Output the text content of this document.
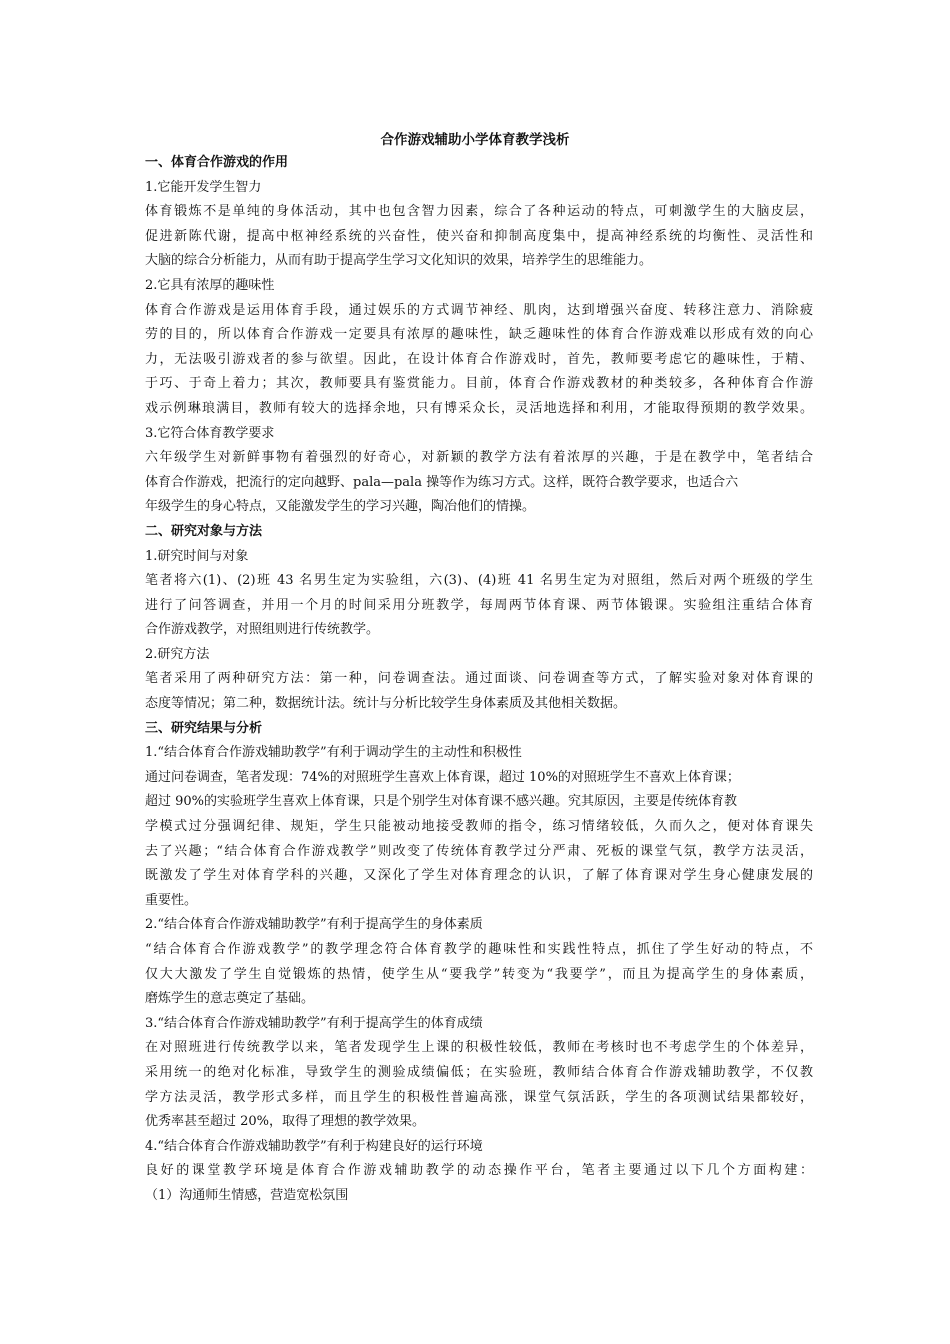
合作游戏辅助小学体育教学浅析
一、体育合作游戏的作用
1.它能开发学生智力
体育锻炼不是单纯的身体活动，其中也包含智力因素，综合了各种运动的特点，可刺激学生的大脑皮层，
促进新陈代谢，提高中枢神经系统的兴奋性，使兴奋和抑制高度集中，提高神经系统的均衡性、灵活性和
大脑的综合分析能力，从而有助于提高学生学习文化知识的效果，培养学生的思维能力。
2.它具有浓厚的趣味性
体育合作游戏是运用体育手段，通过娱乐的方式调节神经、肌肉，达到增强兴奋度、转移注意力、消除疲
劳的目的，所以体育合作游戏一定要具有浓厚的趣味性，缺乏趣味性的体育合作游戏难以形成有效的向心
力，无法吸引游戏者的参与欲望。因此，在设计体育合作游戏时，首先，教师要考虑它的趣味性，于精、
于巧、于奇上着力；其次，教师要具有鉴赏能力。目前，体育合作游戏教材的种类较多，各种体育合作游
戏示例琳琅满目，教师有较大的选择余地，只有博采众长，灵活地选择和利用，才能取得预期的教学效果。
3.它符合体育教学要求
六年级学生对新鲜事物有着强烈的好奇心，对新颖的教学方法有着浓厚的兴趣，于是在教学中，笔者结合
体育合作游戏，把流行的定向越野、pala—pala 操等作为练习方式。这样，既符合教学要求，也适合六
年级学生的身心特点，又能激发学生的学习兴趣，陶冶他们的情操。
二、研究对象与方法
1.研究时间与对象
笔者将六(1)、(2)班 43 名男生定为实验组，六(3)、(4)班 41 名男生定为对照组，然后对两个班级的学生
进行了问答调查，并用一个月的时间采用分班教学，每周两节体育课、两节体锻课。实验组注重结合体育
合作游戏教学，对照组则进行传统教学。
2.研究方法
笔者采用了两种研究方法：第一种，问卷调查法。通过面谈、问卷调查等方式，了解实验对象对体育课的
态度等情况；第二种，数据统计法。统计与分析比较学生身体素质及其他相关数据。
三、研究结果与分析
1.“结合体育合作游戏辅助教学”有利于调动学生的主动性和积极性
通过问卷调查，笔者发现：74%的对照班学生喜欢上体育课，超过 10%的对照班学生不喜欢上体育课；
超过 90%的实验班学生喜欢上体育课，只是个别学生对体育课不感兴趣。究其原因，主要是传统体育教
学模式过分强调纪律、规矩，学生只能被动地接受教师的指令，练习情绪较低，久而久之，便对体育课失
去了兴趣；“结合体育合作游戏教学”则改变了传统体育教学过分严肃、死板的课堂气氛，教学方法灵活，
既激发了学生对体育学科的兴趣，又深化了学生对体育理念的认识，了解了体育课对学生身心健康发展的
重要性。
2.“结合体育合作游戏辅助教学”有利于提高学生的身体素质
“结合体育合作游戏教学”的教学理念符合体育教学的趣味性和实践性特点，抓住了学生好动的特点，不
仅大大激发了学生自觉锻炼的热情，使学生从“要我学”转变为“我要学”，而且为提高学生的身体素质，
磨炼学生的意志奠定了基础。
3.“结合体育合作游戏辅助教学”有利于提高学生的体育成绩
在对照班进行传统教学以来，笔者发现学生上课的积极性较低，教师在考核时也不考虑学生的个体差异，
采用统一的绝对化标准，导致学生的测验成绩偏低；在实验班，教师结合体育合作游戏辅助教学，不仅教
学方法灵活，教学形式多样，而且学生的积极性普遍高涨，课堂气氛活跃，学生的各项测试结果都较好，
优秀率甚至超过 20%，取得了理想的教学效果。
4.“结合体育合作游戏辅助教学”有利于构建良好的运行环境
良好的课堂教学环境是体育合作游戏辅助教学的动态操作平台，笔者主要通过以下几个方面构建：
（1）沟通师生情感，营造宽松氛围
